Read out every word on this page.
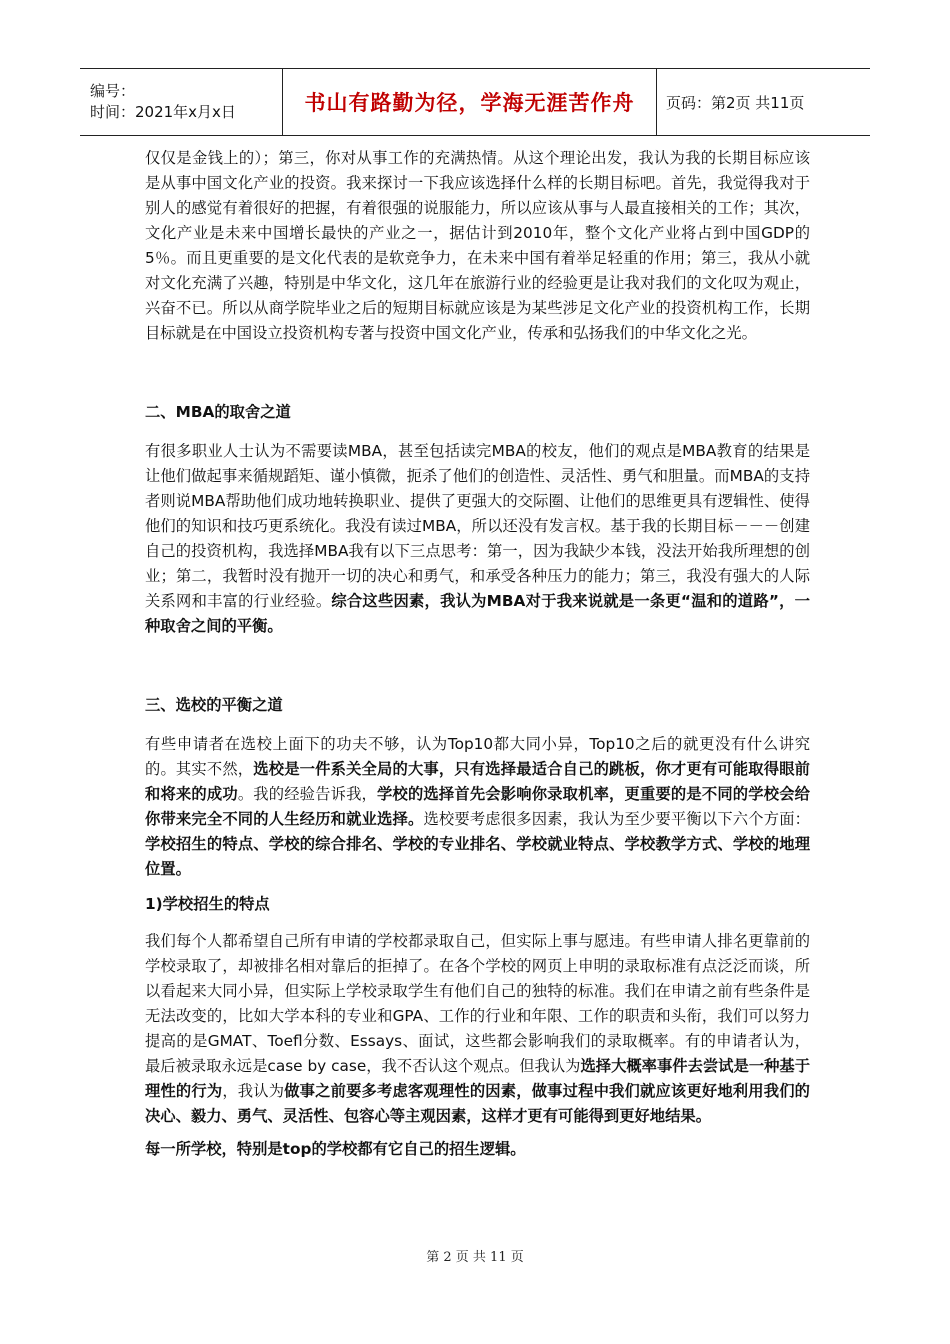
编号：
时间：2021年x月x日	书山有路勤为径，学海无涯苦作舟 页码：第2页 共11页

仅仅是金钱上的）；第三，你对从事工作的充满热情。从这个理论出发，我认为我的长期目标应该是从事中国文化产业的投资。我来探讨一下我应该选择什么样的长期目标吧。首先，我觉得我对于别人的感觉有着很好的把握，有着很强的说服能力，所以应该从事与人最直接相关的工作；其次，文化产业是未来中国增长最快的产业之一，据估计到2010年，整个文化产业将占到中国GDP的5％。而且更重要的是文化代表的是软竞争力，在未来中国有着举足轻重的作用；第三，我从小就对文化充满了兴趣，特别是中华文化，这几年在旅游行业的经验更是让我对我们的文化叹为观止，兴奋不已。所以从商学院毕业之后的短期目标就应该是为某些涉足文化产业的投资机构工作，长期目标就是在中国设立投资机构专著与投资中国文化产业，传承和弘扬我们的中华文化之光。

二、MBA的取舍之道

有很多职业人士认为不需要读MBA，甚至包括读完MBA的校友，他们的观点是MBA教育的结果是让他们做起事来循规蹈矩、谨小慎微，扼杀了他们的创造性、灵活性、勇气和胆量。而MBA的支持者则说MBA帮助他们成功地转换职业、提供了更强大的交际圈、让他们的思维更具有逻辑性、使得他们的知识和技巧更系统化。我没有读过MBA，所以还没有发言权。基于我的长期目标－－－创建自己的投资机构，我选择MBA我有以下三点思考：第一，因为我缺少本钱，没法开始我所理想的创业；第二，我暂时没有抛开一切的决心和勇气，和承受各种压力的能力；第三，我没有强大的人际关系网和丰富的行业经验。综合这些因素，我认为MBA对于我来说就是一条更“温和的道路”，一种取舍之间的平衡。

三、选校的平衡之道

有些申请者在选校上面下的功夫不够，认为Top10都大同小异，Top10之后的就更没有什么讲究的。其实不然，选校是一件系关全局的大事，只有选择最适合自己的跳板，你才更有可能取得眼前和将来的成功。我的经验告诉我，学校的选择首先会影响你录取机率，更重要的是不同的学校会给你带来完全不同的人生经历和就业选择。选校要考虑很多因素，我认为至少要平衡以下六个方面：学校招生的特点、学校的综合排名、学校的专业排名、学校就业特点、学校教学方式、学校的地理位置。

1)学校招生的特点

我们每个人都希望自己所有申请的学校都录取自己，但实际上事与愿违。有些申请人排名更靠前的学校录取了，却被排名相对靠后的拒掉了。在各个学校的网页上申明的录取标准有点泛泛而谈，所以看起来大同小异，但实际上学校录取学生有他们自己的独特的标准。我们在申请之前有些条件是无法改变的，比如大学本科的专业和GPA、工作的行业和年限、工作的职责和头衔，我们可以努力提高的是GMAT、Toefl分数、Essays、面试，这些都会影响我们的录取概率。有的申请者认为，最后被录取永远是case by case，我不否认这个观点。但我认为选择大概率事件去尝试是一种基于理性的行为，我认为做事之前要多考虑客观理性的因素，做事过程中我们就应该更好地利用我们的决心、毅力、勇气、灵活性、包容心等主观因素，这样才更有可能得到更好地结果。

每一所学校，特别是top的学校都有它自己的招生逻辑。

第 2 页 共 11 页
